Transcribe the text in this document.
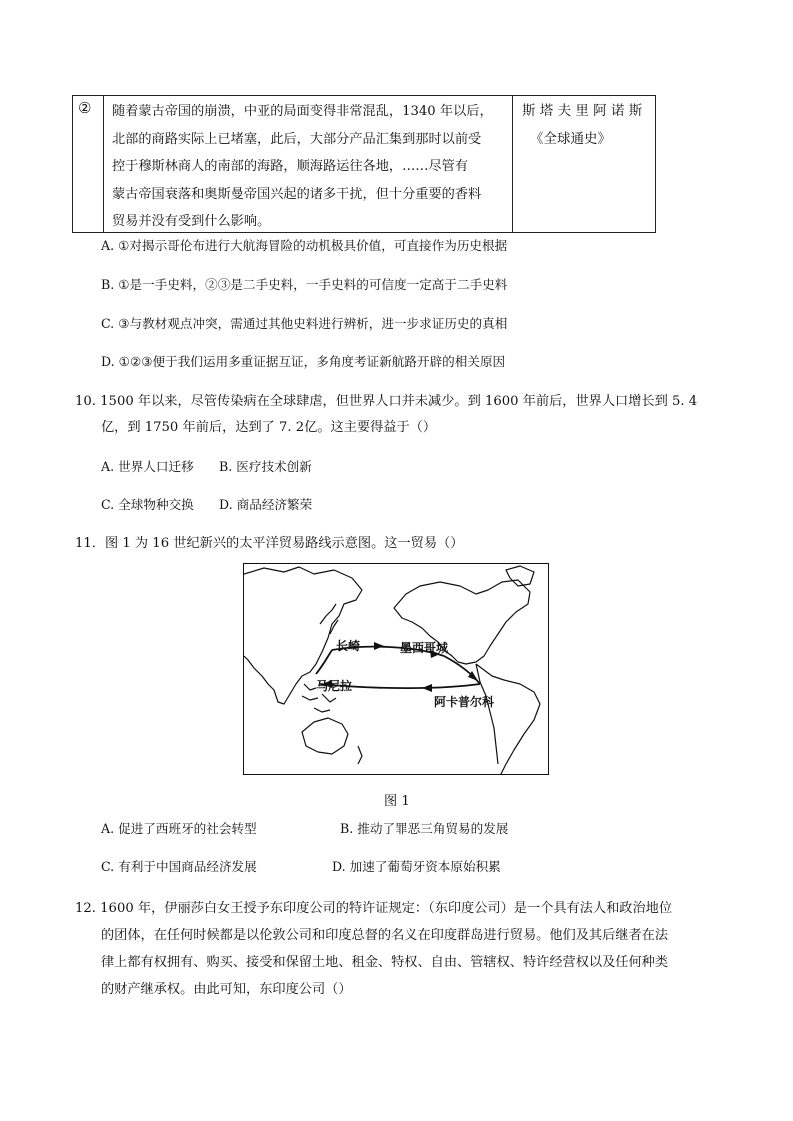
② 随着蒙古帝国的崩溃，中亚的局面变得非常混乱，1340 年以后，
北部的商路实际上已堵塞，此后，大部分产品汇集到那时以前受
控于穆斯林商人的南部的海路，顺海路运往各地，……尽管有
蒙古帝国衰落和奥斯曼帝国兴起的诸多干扰，但十分重要的香料
贸易并没有受到什么影响。
斯 塔 夫 里 阿 诺 斯
《全球通史》
A. ①对揭示哥伦布进行大航海冒险的动机极具价值，可直接作为历史根据
B. ①是一手史料，②③是二手史料，一手史料的可信度一定高于二手史料
C. ③与教材观点冲突，需通过其他史料进行辨析，进一步求证历史的真相
D. ①②③便于我们运用多重证据互证，多角度考证新航路开辟的相关原因
10. 1500 年以来，尽管传染病在全球肆虐，但世界人口并未减少。到 1600 年前后，世界人口增长到 5. 4
亿，到 1750 年前后，达到了 7. 2亿。这主要得益于（）
A. 世界人口迁移 B. 医疗技术创新
C. 全球物种交换 D. 商品经济繁荣
11．图 1 为 16 世纪新兴的太平洋贸易路线示意图。这一贸易（）
长崎	墨西哥城
马尼拉
阿卡普尔科
图 1
A. 促进了西班牙的社会转型	B. 推动了罪恶三角贸易的发展
C. 有利于中国商品经济发展	D. 加速了葡萄牙资本原始积累
12. 1600 年，伊丽莎白女王授予东印度公司的特许证规定：（东印度公司）是一个具有法人和政治地位
的团体，在任何时候都是以伦敦公司和印度总督的名义在印度群岛进行贸易。他们及其后继者在法
律上都有权拥有、购买、接受和保留土地、租金、特权、自由、管辖权、特许经营权以及任何种类
的财产继承权。由此可知，东印度公司（）
